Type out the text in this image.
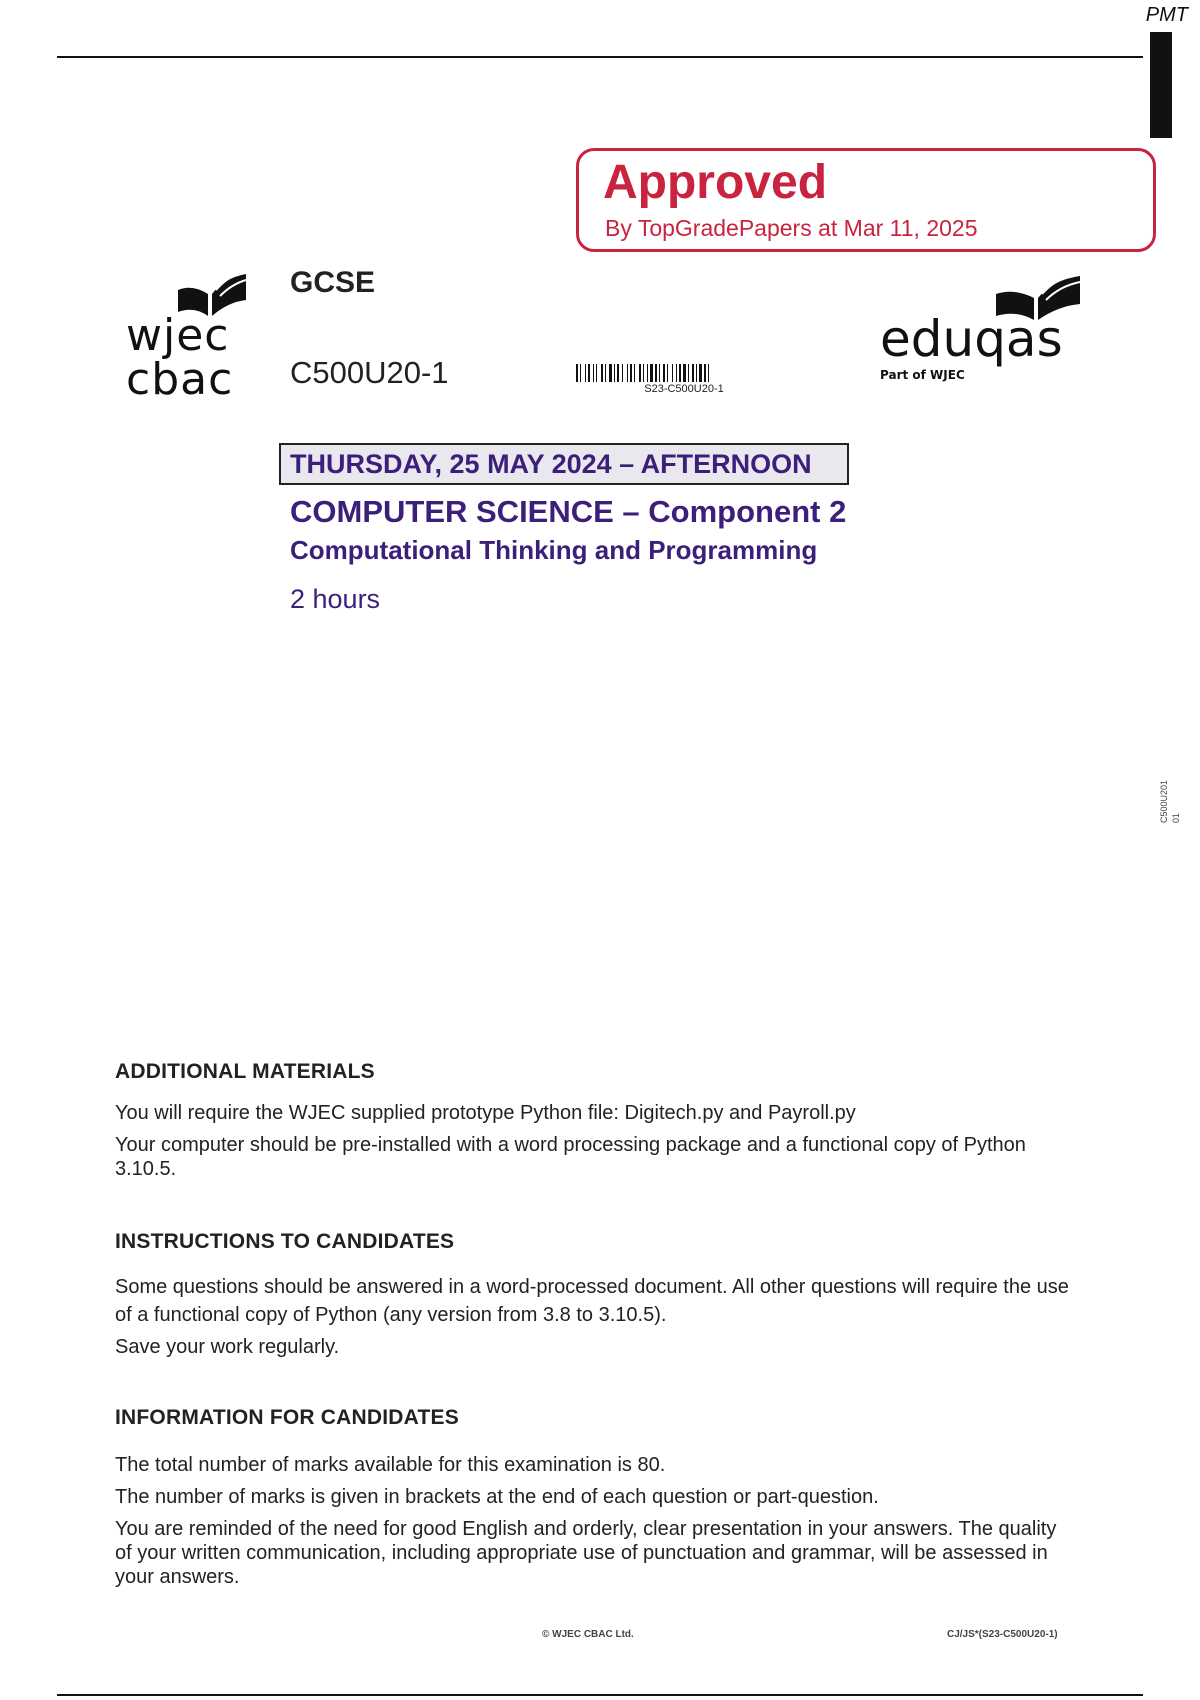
PMT
Approved
By TopGradePapers at Mar 11, 2025
wjec
cbac
GCSE
C500U20-1	S23-C500U20-1
eduqas
Part of WJEC
THURSDAY, 25 MAY 2024 – AFTERNOON
COMPUTER SCIENCE – Component 2
Computational Thinking and Programming
2 hours
C500U201 01

ADDITIONAL MATERIALS

You will require the WJEC supplied prototype Python file: Digitech.py and Payroll.py

Your computer should be pre-installed with a word processing package and a functional copy of Python 3.10.5.

INSTRUCTIONS TO CANDIDATES

Some questions should be answered in a word-processed document. All other questions will require the use of a functional copy of Python (any version from 3.8 to 3.10.5).

Save your work regularly.

INFORMATION FOR CANDIDATES

The total number of marks available for this examination is 80.

The number of marks is given in brackets at the end of each question or part-question.

You are reminded of the need for good English and orderly, clear presentation in your answers. The quality of your written communication, including appropriate use of punctuation and grammar, will be assessed in your answers.

© WJEC CBAC Ltd.	CJ/JS*(S23-C500U20-1)
